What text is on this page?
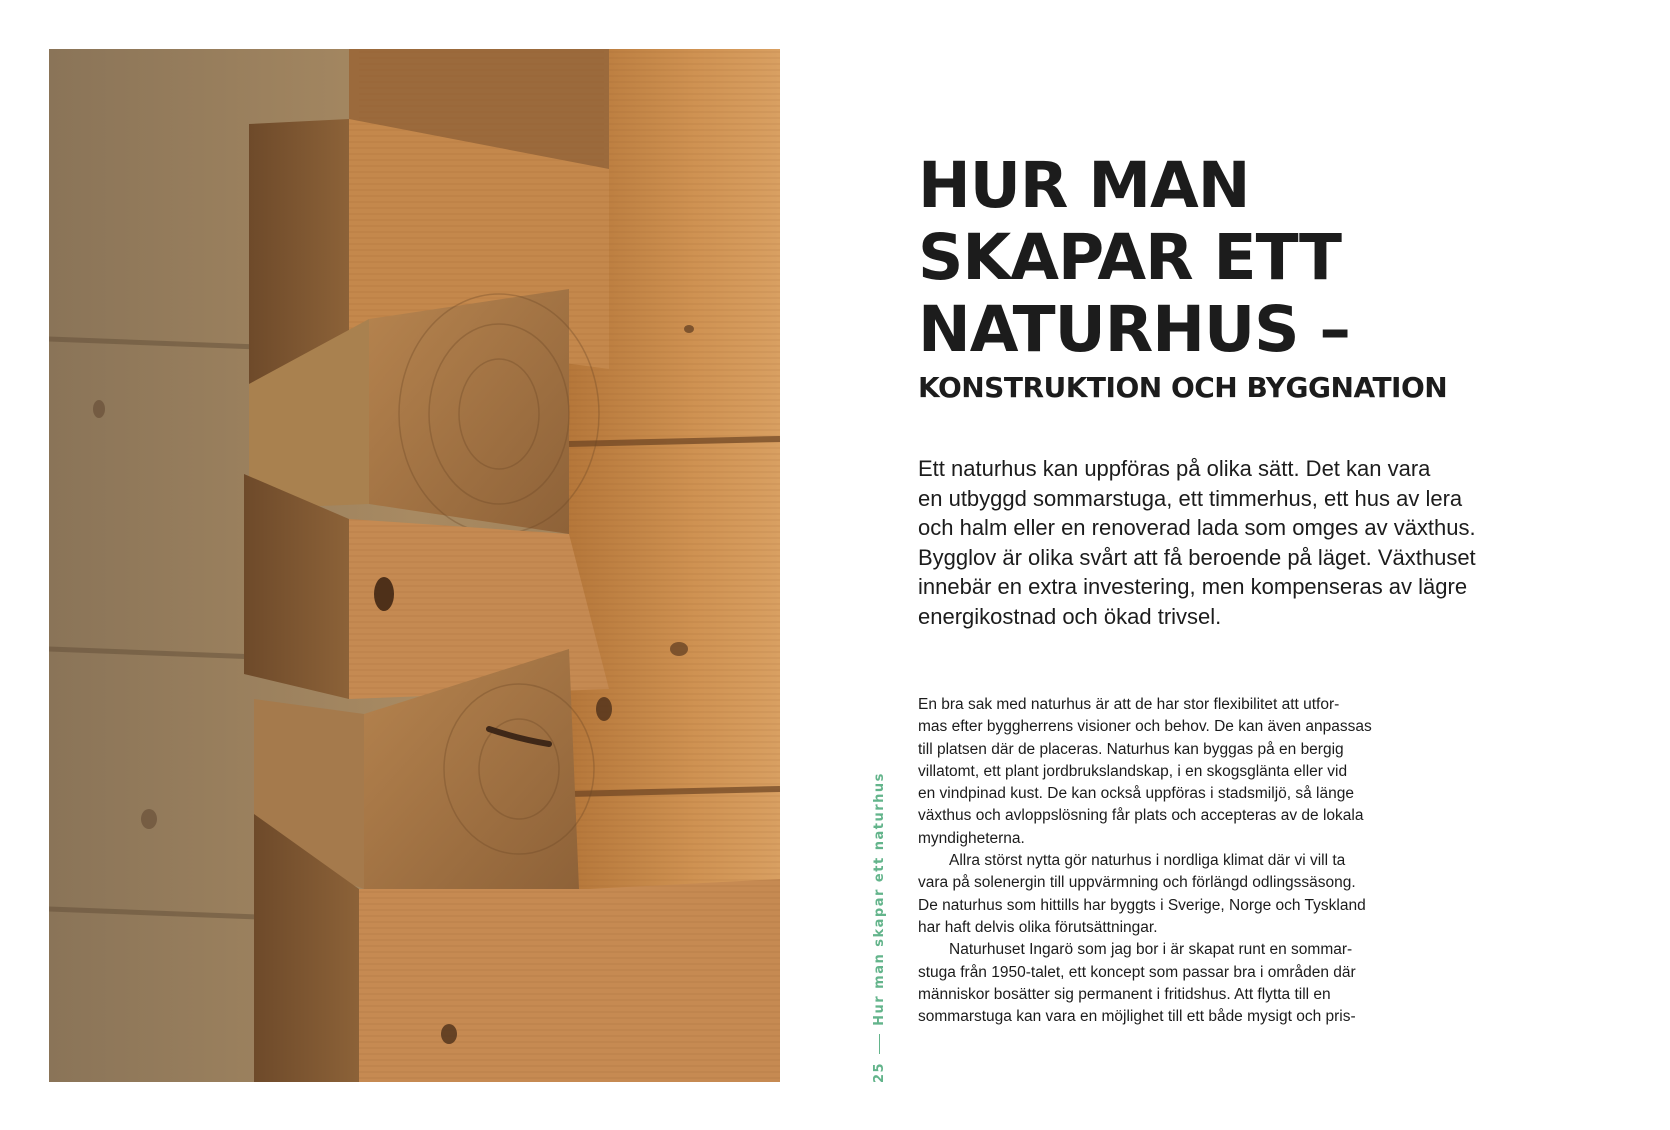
25
Hur man skapar ett naturhus
HUR MAN
SKAPAR ETT
NATURHUS –
KONSTRUKTION OCH BYGGNATION

Ett naturhus kan uppföras på olika sätt. Det kan vara
en utbyggd sommarstuga, ett timmerhus, ett hus av lera
och halm eller en renoverad lada som omges av växthus.
Bygglov är olika svårt att få beroende på läget. Växthuset
innebär en extra investering, men kompenseras av lägre
energikostnad och ökad trivsel.

En bra sak med naturhus är att de har stor flexibilitet att utfor-
mas efter byggherrens visioner och behov. De kan även anpassas
till platsen där de placeras. Naturhus kan byggas på en bergig
villatomt, ett plant jordbrukslandskap, i en skogsglänta eller vid
en vindpinad kust. De kan också uppföras i stadsmiljö, så länge
växthus och avloppslösning får plats och accepteras av de lokala
myndigheterna.

Allra störst nytta gör naturhus i nordliga klimat där vi vill ta
vara på solenergin till uppvärmning och förlängd odlingssäsong.
De naturhus som hittills har byggts i Sverige, Norge och Tyskland
har haft delvis olika förutsättningar.

Naturhuset Ingarö som jag bor i är skapat runt en sommar-
stuga från 1950-talet, ett koncept som passar bra i områden där
människor bosätter sig permanent i fritidshus. Att flytta till en
sommarstuga kan vara en möjlighet till ett både mysigt och pris-
